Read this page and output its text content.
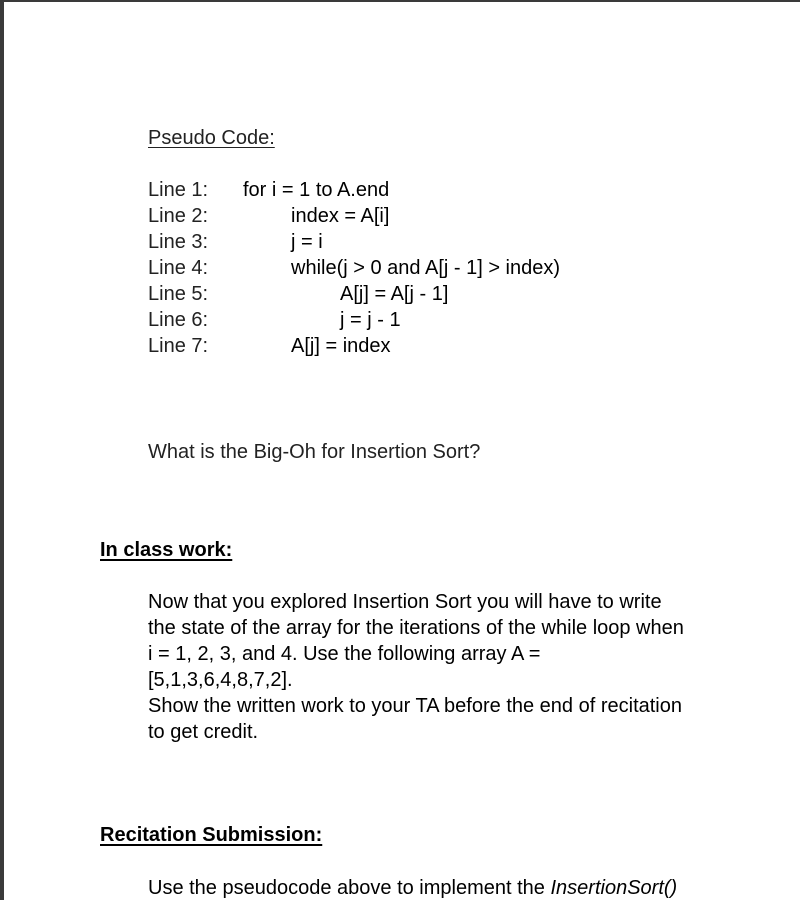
Pseudo Code:
Line 1:
Line 2:
Line 3:
Line 4:
Line 5:
Line 6:
Line 7:
for i = 1 to A.end
index = A[i]
j = i
while(j > 0 and A[j - 1] > index)
A[j] = A[j - 1]
j = j - 1
A[j] = index
What is the Big-Oh for Insertion Sort?
In class work:
Now that you explored Insertion Sort you will have to write
the state of the array for the iterations of the while loop when
i = 1, 2, 3, and 4. Use the following array A =
[5,1,3,6,4,8,7,2].
Show the written work to your TA before the end of recitation
to get credit.
Recitation Submission:
Use the pseudocode above to implement the InsertionSort()
